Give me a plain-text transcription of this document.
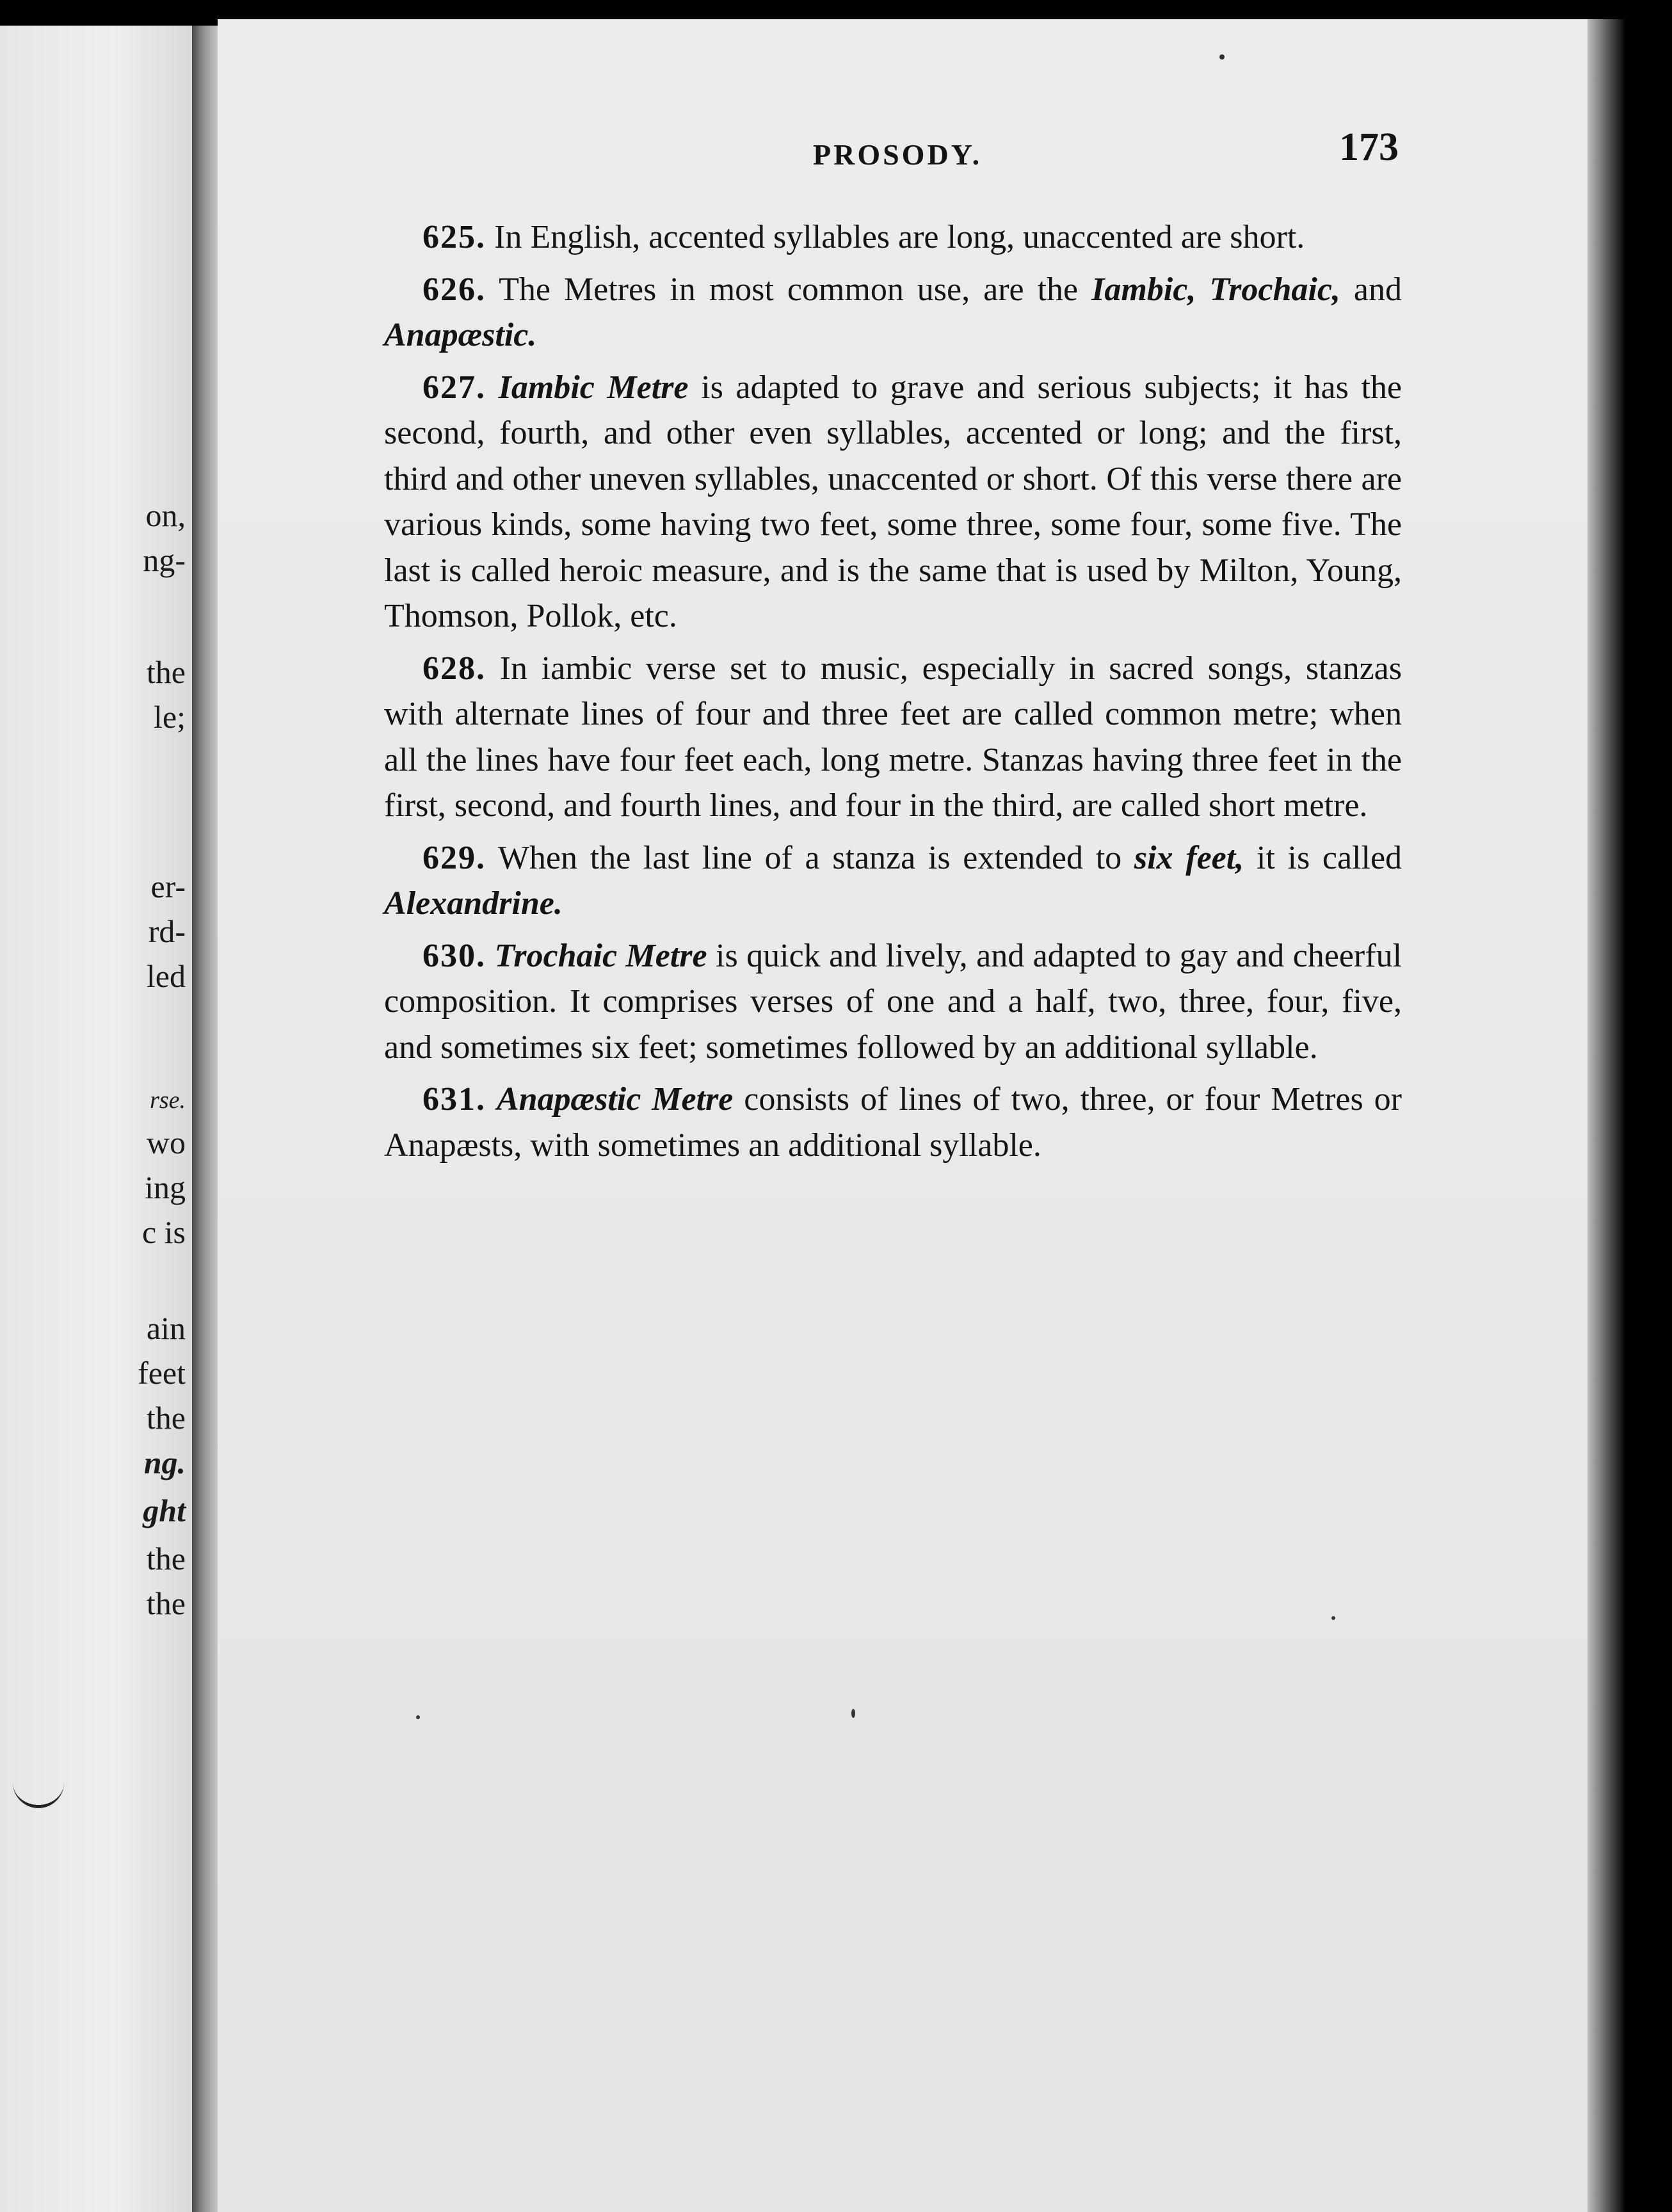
on,
ng-
the
le;
er-
rd-
led
rse.
wo
ing
c is
ain
feet
the
ng.
ght
the
the
PROSODY.	173

625. In English, accented syllables are long, unaccented are short.

626. The Metres in most common use, are the Iambic, Trochaic, and Anapæstic.

627. Iambic Metre is adapted to grave and serious subjects; it has the second, fourth, and other even syllables, accented or long; and the first, third and other uneven syllables, unaccented or short. Of this verse there are various kinds, some having two feet, some three, some four, some five. The last is called heroic measure, and is the same that is used by Milton, Young, Thomson, Pollok, etc.

628. In iambic verse set to music, especially in sacred songs, stanzas with alternate lines of four and three feet are called common metre; when all the lines have four feet each, long metre. Stanzas having three feet in the first, second, and fourth lines, and four in the third, are called short metre.

629. When the last line of a stanza is extended to six feet, it is called Alexandrine.

630. Trochaic Metre is quick and lively, and adapted to gay and cheerful composition. It comprises verses of one and a half, two, three, four, five, and sometimes six feet; sometimes followed by an additional syllable.

631. Anapæstic Metre consists of lines of two, three, or four Metres or Anapæsts, with sometimes an additional syllable.
